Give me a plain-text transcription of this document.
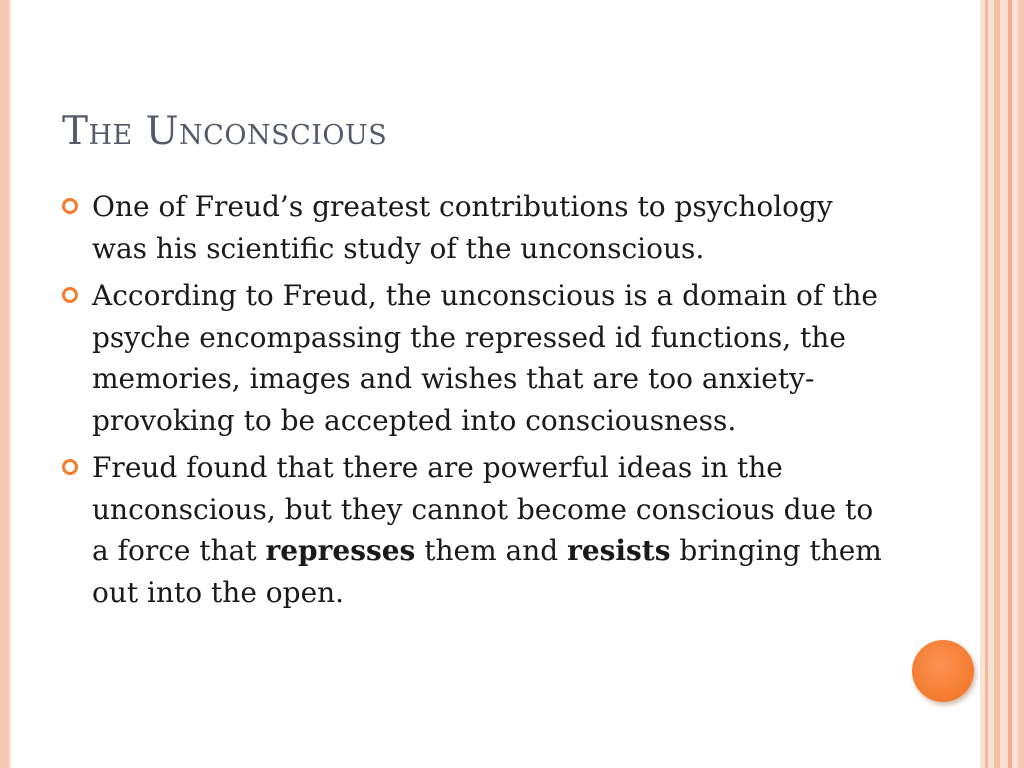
The Unconscious
One of Freud’s greatest contributions to psychology was his scientific study of the unconscious.
According to Freud, the unconscious is a domain of the psyche encompassing the repressed id functions, the memories, images and wishes that are too anxiety-provoking to be accepted into consciousness.
Freud found that there are powerful ideas in the unconscious, but they cannot become conscious due to a force that represses them and resists bringing them out into the open.
